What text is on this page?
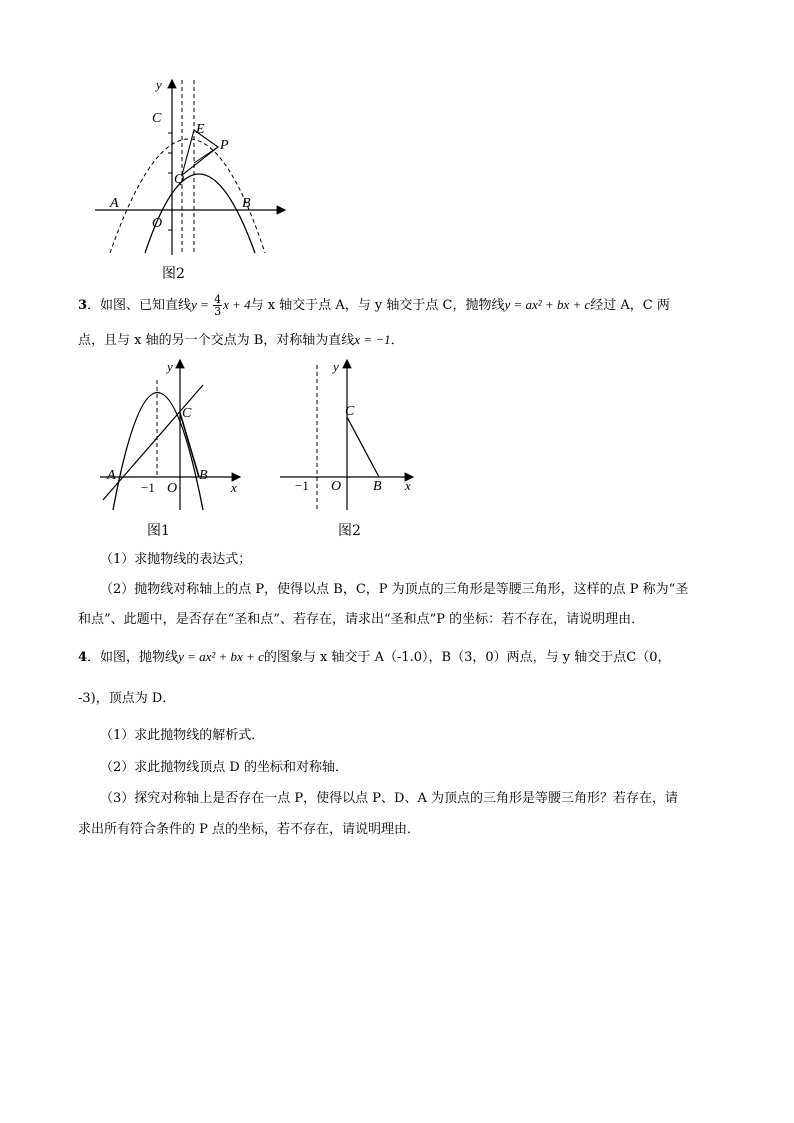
y
C
E
P
Q
A	B
O
图2
3．如图、已知直线$y = \frac{4}{3}$ x + 4与 x 轴交于点 A，与 y 轴交于点 C，抛物线y = ax² + bx + c经过 A，C 两
点，且与 x 轴的另一个交点为 B，对称轴为直线x = −1．
y
C
A	B
−1 O	x
图1
y
C
−1 O B x
图2
（1）求抛物线的表达式；
（2）抛物线对称轴上的点 P，使得以点 B，C，P 为顶点的三角形是等腰三角形，这样的点 P 称为“圣
和点”、此题中，是否存在“圣和点”、若存在，请求出“圣和点”P 的坐标：若不存在，请说明理由．
4．如图，抛物线y = ax² + bx + c的图象与 x 轴交于 A（-1.0），B（3，0）两点，与 y 轴交于点C（0，
-3)，顶点为 D．
（1）求此抛物线的解析式．
（2）求此抛物线顶点 D 的坐标和对称轴．
（3）探究对称轴上是否存在一点 P，使得以点 P、D、A 为顶点的三角形是等腰三角形？若存在，请
求出所有符合条件的 P 点的坐标，若不存在，请说明理由．
